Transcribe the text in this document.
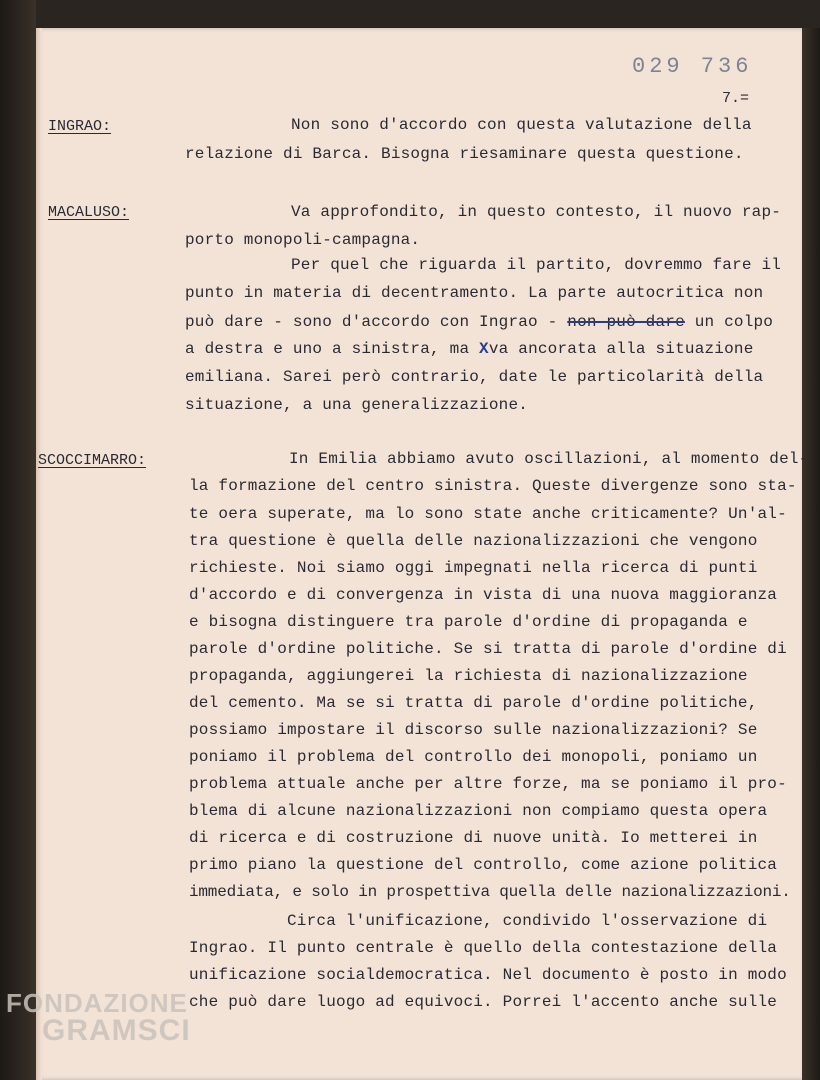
029 736
7.=
INGRAO:
MACALUSO:
SCOCCIMARRO:
Non sono d'accordo con questa valutazione della
relazione di Barca. Bisogna riesaminare questa questione.
Va approfondito, in questo contesto, il nuovo rap-
porto monopoli-campagna.
Per quel che riguarda il partito, dovremmo fare il
punto in materia di decentramento. La parte autocritica non
può dare - sono d'accordo con Ingrao - non può dare un colpo
a destra e uno a sinistra, ma Xva ancorata alla situazione
emiliana. Sarei però contrario, date le particolarità della
situazione, a una generalizzazione.
In Emilia abbiamo avuto oscillazioni, al momento del-
la formazione del centro sinistra. Queste divergenze sono sta-
te oera superate, ma lo sono state anche criticamente? Un'al-
tra questione è quella delle nazionalizzazioni che vengono
richieste. Noi siamo oggi impegnati nella ricerca di punti
d'accordo e di convergenza in vista di una nuova maggioranza
e bisogna distinguere tra parole d'ordine di propaganda e
parole d'ordine politiche. Se si tratta di parole d'ordine di
propaganda, aggiungerei la richiesta di nazionalizzazione
del cemento. Ma se si tratta di parole d'ordine politiche,
possiamo impostare il discorso sulle nazionalizzazioni? Se
poniamo il problema del controllo dei monopoli, poniamo un
problema attuale anche per altre forze, ma se poniamo il pro-
blema di alcune nazionalizzazioni non compiamo questa opera
di ricerca e di costruzione di nuove unità. Io metterei in
primo piano la questione del controllo, come azione politica
immediata, e solo in prospettiva quella delle nazionalizzazioni.
Circa l'unificazione, condivido l'osservazione di
Ingrao. Il punto centrale è quello della contestazione della
unificazione socialdemocratica. Nel documento è posto in modo
che può dare luogo ad equivoci. Porrei l'accento anche sulle
FONDAZIONE
GRAMSCI
